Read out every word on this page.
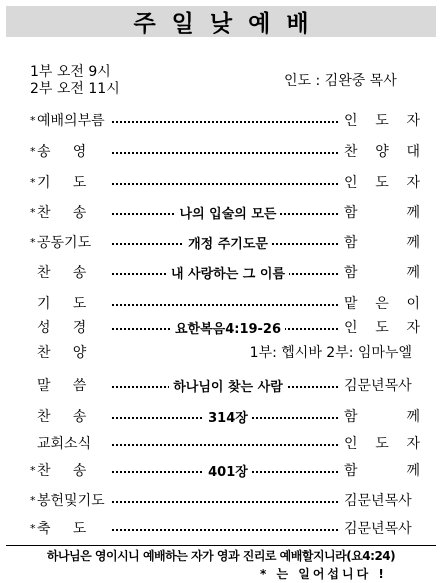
주일낮예배
1부 오전 9시
2부 오전 11시	인도 : 김완중 목사
* 예배의부름	인 도 자
* 송     영	찬 양 대
* 기     도	인 도 자
* 찬     송	나의 입술의 모든	함    께
* 공동기도	개정 주기도문	함    께
찬     송	내 사랑하는 그 이름	함    께
기     도	맡 은 이
성     경	요한복음4:19-26	인 도 자
찬     양	1부: 헵시바 2부: 임마누엘
말     씀	하나님이 찾는 사람	김문년목사
찬     송	314장	함    께
교회소식	인 도 자
* 찬     송	401장	함    께
* 봉헌및기도	김문년목사
* 축     도	김문년목사
하나님은 영이시니 예배하는 자가 영과 진리로 예배할지니라(요4:24)
* 는 일어섭니다 !
